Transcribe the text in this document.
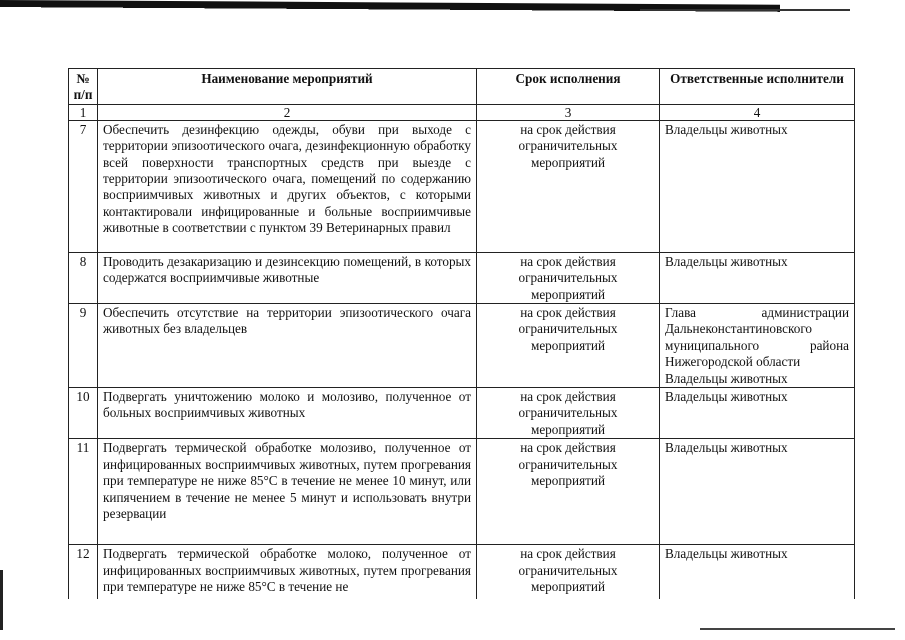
№ п/п	Наименование мероприятий	Срок исполнения	Ответственные исполнители
1	2	3	4
7	Обеспечить дезинфекцию одежды, обуви при выходе с территории эпизоотического очага, дезинфекционную обработку всей поверхности транспортных средств при выезде с территории эпизоотического очага, помещений по содержанию восприимчивых животных и других объектов, с которыми контактировали инфицированные и больные восприимчивые животные в соответствии с пунктом 39 Ветеринарных правил	на срок действия ограничительных мероприятий	Владельцы животных
8	Проводить дезакаризацию и дезинсекцию помещений, в которых содержатся восприимчивые животные	на срок действия ограничительных мероприятий	Владельцы животных
9	Обеспечить отсутствие на территории эпизоотического очага животных без владельцев	на срок действия ограничительных мероприятий	Глава администрации
Дальнеконстантиновского
муниципального района
Нижегородской области
Владельцы животных

10	Подвергать уничтожению молоко и молозиво, полученное от больных восприимчивых животных	на срок действия ограничительных мероприятий	Владельцы животных
11	Подвергать термической обработке молозиво, полученное от инфицированных восприимчивых животных, путем прогревания при температуре не ниже 85°С в течение не менее 10 минут, или кипячением в течение не менее 5 минут и использовать внутри резервации	на срок действия ограничительных мероприятий	Владельцы животных
12	Подвергать термической обработке молоко, полученное от инфицированных восприимчивых животных, путем прогревания при температуре не ниже 85°С в течение не	на срок действия ограничительных мероприятий	Владельцы животных
